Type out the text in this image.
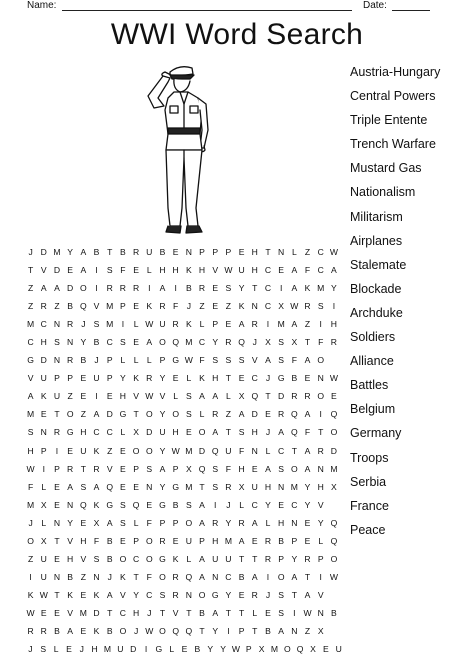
Name:	Date:
WWI Word Search
J D M Y A B T B R U B E N P P P E H T N L Z C W
T V D E A	I	S F E L H H K H V W U H C E A F C A
Z A A D O	I	R R R	I	A	I	B R E S Y T C	I	A K M Y
Z R Z B Q V M P E K R F J Z E Z K N C X W R S	I
M C N R J S M I	L W U R K L P E A R	I M A Z	I	H
C H S N Y B C S E A O Q M C Y R Q J X S X T F R
G D N R B J P L L L P G W F S S S V A S F A O
V U P P E U P Y K R Y E L K H T E C J G B E N W
A K U Z E	I	E H V W V L S A A L X Q T D R R O E
M E T O Z A D G T O Y O S L R Z A D E R Q A	I	Q
S N R G H C C L X D U H E O A T S H J A Q F T O
H P	I	E U K Z E O O Y W M D Q U F N L C T A R D
W I	P R T R V E P S A P X Q S F H E A S O A N M
F L E A S A Q E E N Y G M T S R X U H N M Y H X
M X E N Q K G S Q E G B S A	I	J	L C Y E C Y V
J	L N Y E X A S L F P P O A R Y R A L H N E Y Q
O X T V H F B E P O R E U P H M A E R B P E L Q
Z U E H V S B O C O G K L A U U T T R P Y R P O
I	U N B Z N J K T F O R Q A N C B A	I	O A T	I W
K W T K E K A V Y C S R N O G Y E R J S T A V
W E E V M D T C H J T V T B A T T L E S	I W N B
R R B A E K B O J W O Q Q T Y	I	P T B A N Z X
J S L E J H M U D I G L E B Y Y W P X M O Q X E U
Austria-Hungary
Central Powers
Triple Entente
Trench Warfare
Mustard Gas
Nationalism
Militarism
Airplanes
Stalemate
Blockade
Archduke
Soldiers
Alliance
Battles
Belgium
Germany
Troops
Serbia
France
Peace
